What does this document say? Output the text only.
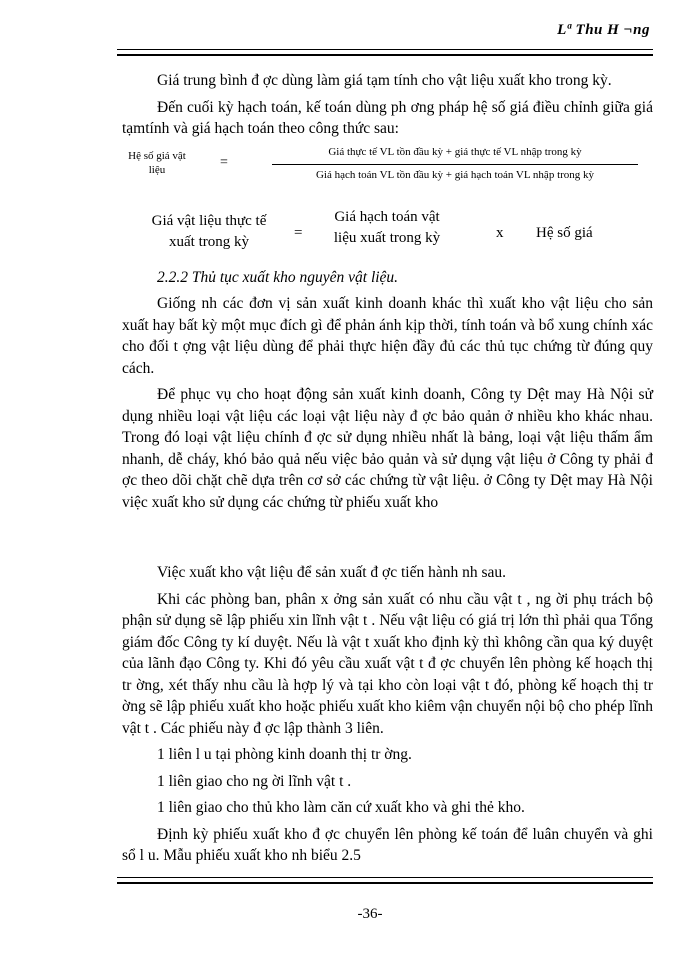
Lª Thu H ¬ng

Giá trung bình đ ợc dùng làm giá tạm tính cho vật liệu xuất kho trong kỳ.

Đến cuối kỳ hạch toán, kế toán dùng ph ơng pháp hệ số giá điều chỉnh giữa giá tạmtính và giá hạch toán theo công thức sau:

Hệ số giá vật liệu	=
Giá thực tế VL tồn đầu kỳ + giá thực tế VL nhập trong kỳ
Giá hạch toán VL tồn đầu kỳ + giá hạch toán VL nhập trong kỳ
Giá vật liệu thực tế xuất trong kỳ
=
Giá hạch toán vật liệu xuất trong kỳ	x Hệ số giá

2.2.2 Thủ tục xuất kho nguyên vật liệu.

Giống nh các đơn vị sản xuất kinh doanh khác thì xuất kho vật liệu cho sản xuất hay bất kỳ một mục đích gì để phản ánh kịp thời, tính toán và bổ xung chính xác cho đối t ợng vật liệu dùng để phải thực hiện đầy đủ các thủ tục chứng từ đúng quy cách.

Để phục vụ cho hoạt động sản xuất kinh doanh, Công ty Dệt may Hà Nội sử dụng nhiều loại vật liệu các loại vật liệu này đ ợc bảo quản ở nhiều kho khác nhau. Trong đó loại vật liệu chính đ ợc sử dụng nhiều nhất là bảng, loại vật liệu thấm ẩm nhanh, dễ cháy, khó bảo quả nếu việc bảo quản và sử dụng vật liệu ở Công ty phải đ ợc theo dõi chặt chẽ dựa trên cơ sở các chứng từ vật liệu. ở Công ty Dệt may Hà Nội việc xuất kho sử dụng các chứng từ phiếu xuất kho

Việc xuất kho vật liệu để sản xuất đ ợc tiến hành nh sau.

Khi các phòng ban, phân x ởng sản xuất có nhu cầu vật t , ng ời phụ trách bộ phận sử dụng sẽ lập phiếu xin lĩnh vật t . Nếu vật liệu có giá trị lớn thì phải qua Tổng giám đốc Công ty kí duyệt. Nếu là vật t xuất kho định kỳ thì không cần qua ký duyệt của lãnh đạo Công ty. Khi đó yêu cầu xuất vật t đ ợc chuyển lên phòng kế hoạch thị tr ờng, xét thấy nhu cầu là hợp lý và tại kho còn loại vật t đó, phòng kế hoạch thị tr ờng sẽ lập phiếu xuất kho hoặc phiếu xuất kho kiêm vận chuyển nội bộ cho phép lĩnh vật t . Các phiếu này đ ợc lập thành 3 liên.

1 liên l u tại phòng kinh doanh thị tr ờng.

1 liên giao cho ng ời lĩnh vật t .

1 liên giao cho thủ kho làm căn cứ xuất kho và ghi thẻ kho.

Định kỳ phiếu xuất kho đ ợc chuyển lên phòng kế toán để luân chuyển và ghi sổ l u. Mẫu phiếu xuất kho nh biểu 2.5

-36-
